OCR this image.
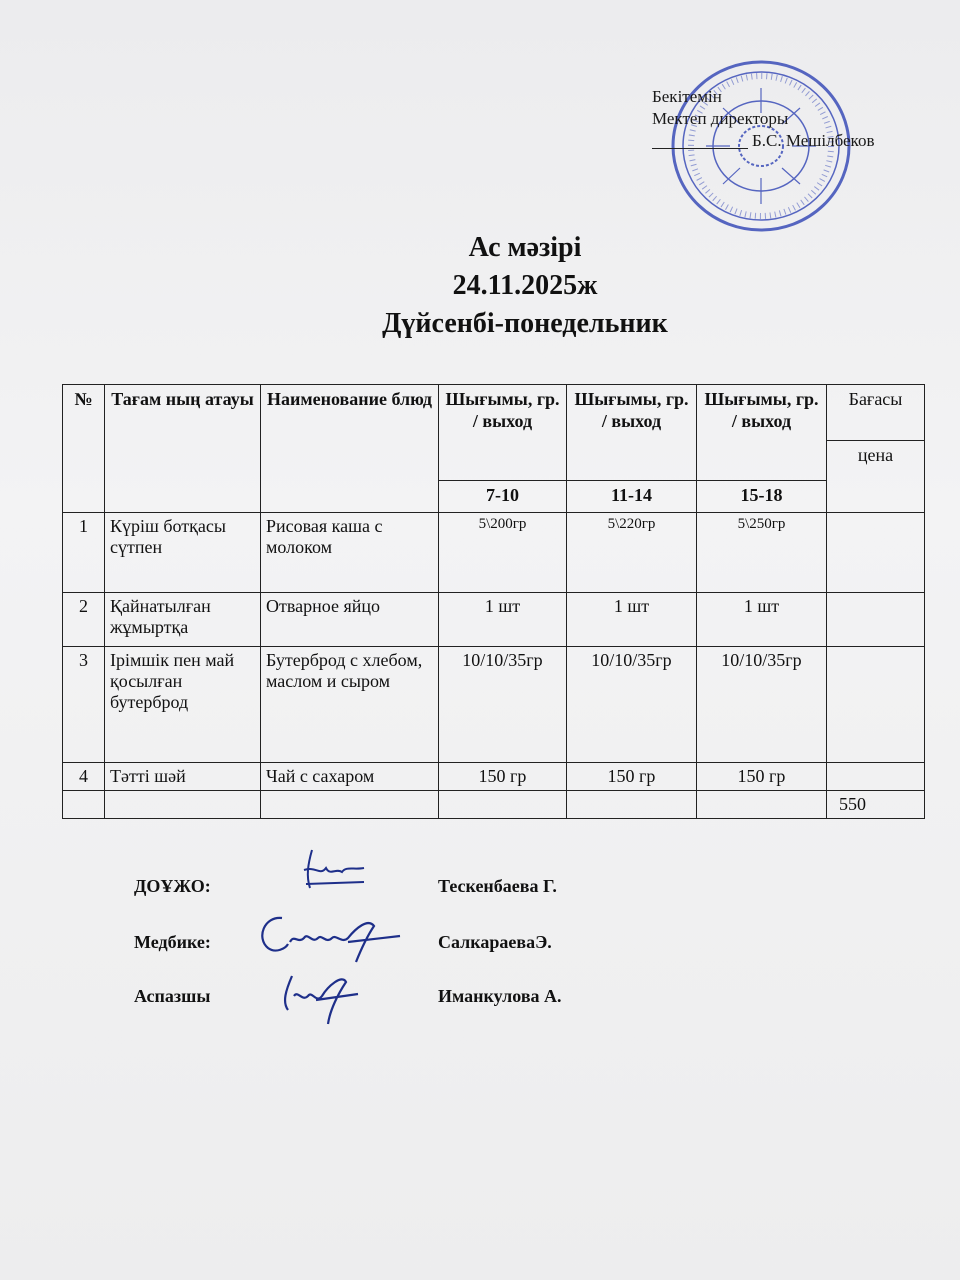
Бекітемін
Мектеп директоры
Б.С. Мешілбеков
Ас мәзірі
24.11.2025ж
Дүйсенбі-понедельник
№	Тағам ның атауы	Наименование блюд	Шығымы, гр. / выход	Шығымы, гр. / выход	Шығымы, гр. / выход	Бағасы
						цена
			7-10	11-14	15-18	
1	Күріш ботқасы сүтпен	Рисовая каша с молоком	5\200гр	5\220гр	5\250гр	
2	Қайнатылған жұмыртқа	Отварное яйцо	1 шт	1 шт	1 шт	
3	Ірімшік пен май қосылған бутерброд	Бутерброд с хлебом, маслом и сыром	10/10/35гр	10/10/35гр	10/10/35гр	
4	Тәтті шәй	Чай с сахаром	150 гр	150 гр	150 гр	
						550
ДОҰЖО:	Тескенбаева Г.
Медбике:	СалкараеваЭ.
Аспазшы	Иманкулова А.
